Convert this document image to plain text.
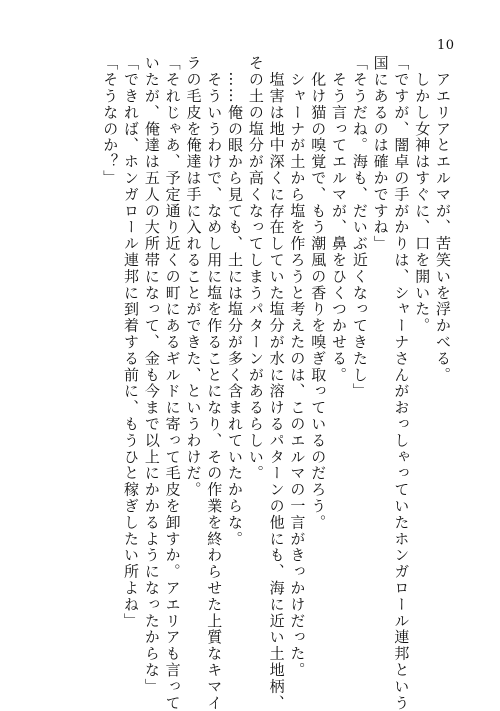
10
　アエリアとエルマが、苦笑いを浮かべる。
　しかし女神はすぐに、口を開いた。
「ですが、闇卓の手がかりは、シャーナさんがおっしゃっていたホンガロール連邦という
国にあるのは確かですね」
「そうだね。海も、だいぶ近くなってきたし」
　そう言ってエルマが、鼻をひくつかせる。
　化け猫の嗅覚で、もう潮風の香りを嗅ぎ取っているのだろう。
　シャーナが土から塩を作ろうと考えたのは、このエルマの一言がきっかけだった。
　塩害は地中深くに存在していた塩分が水に溶けるパターンの他にも、海に近い土地柄、
その土の塩分が高くなってしまうパターンがあるらしい。
　……俺の眼から見ても、土には塩分が多く含まれていたからな。
　そういうわけで、なめし用に塩を作ることになり、その作業を終わらせた上質なキマイ
ラの毛皮を俺達は手に入れることができた、というわけだ。
「それじゃあ、予定通り近くの町にあるギルドに寄って毛皮を卸すか。アエリアも言って
いたが、俺達は五人の大所帯になって、金も今まで以上にかかるようになったからな」
「できれば、ホンガロール連邦に到着する前に、もうひと稼ぎしたい所よね」
「そうなのか？」
